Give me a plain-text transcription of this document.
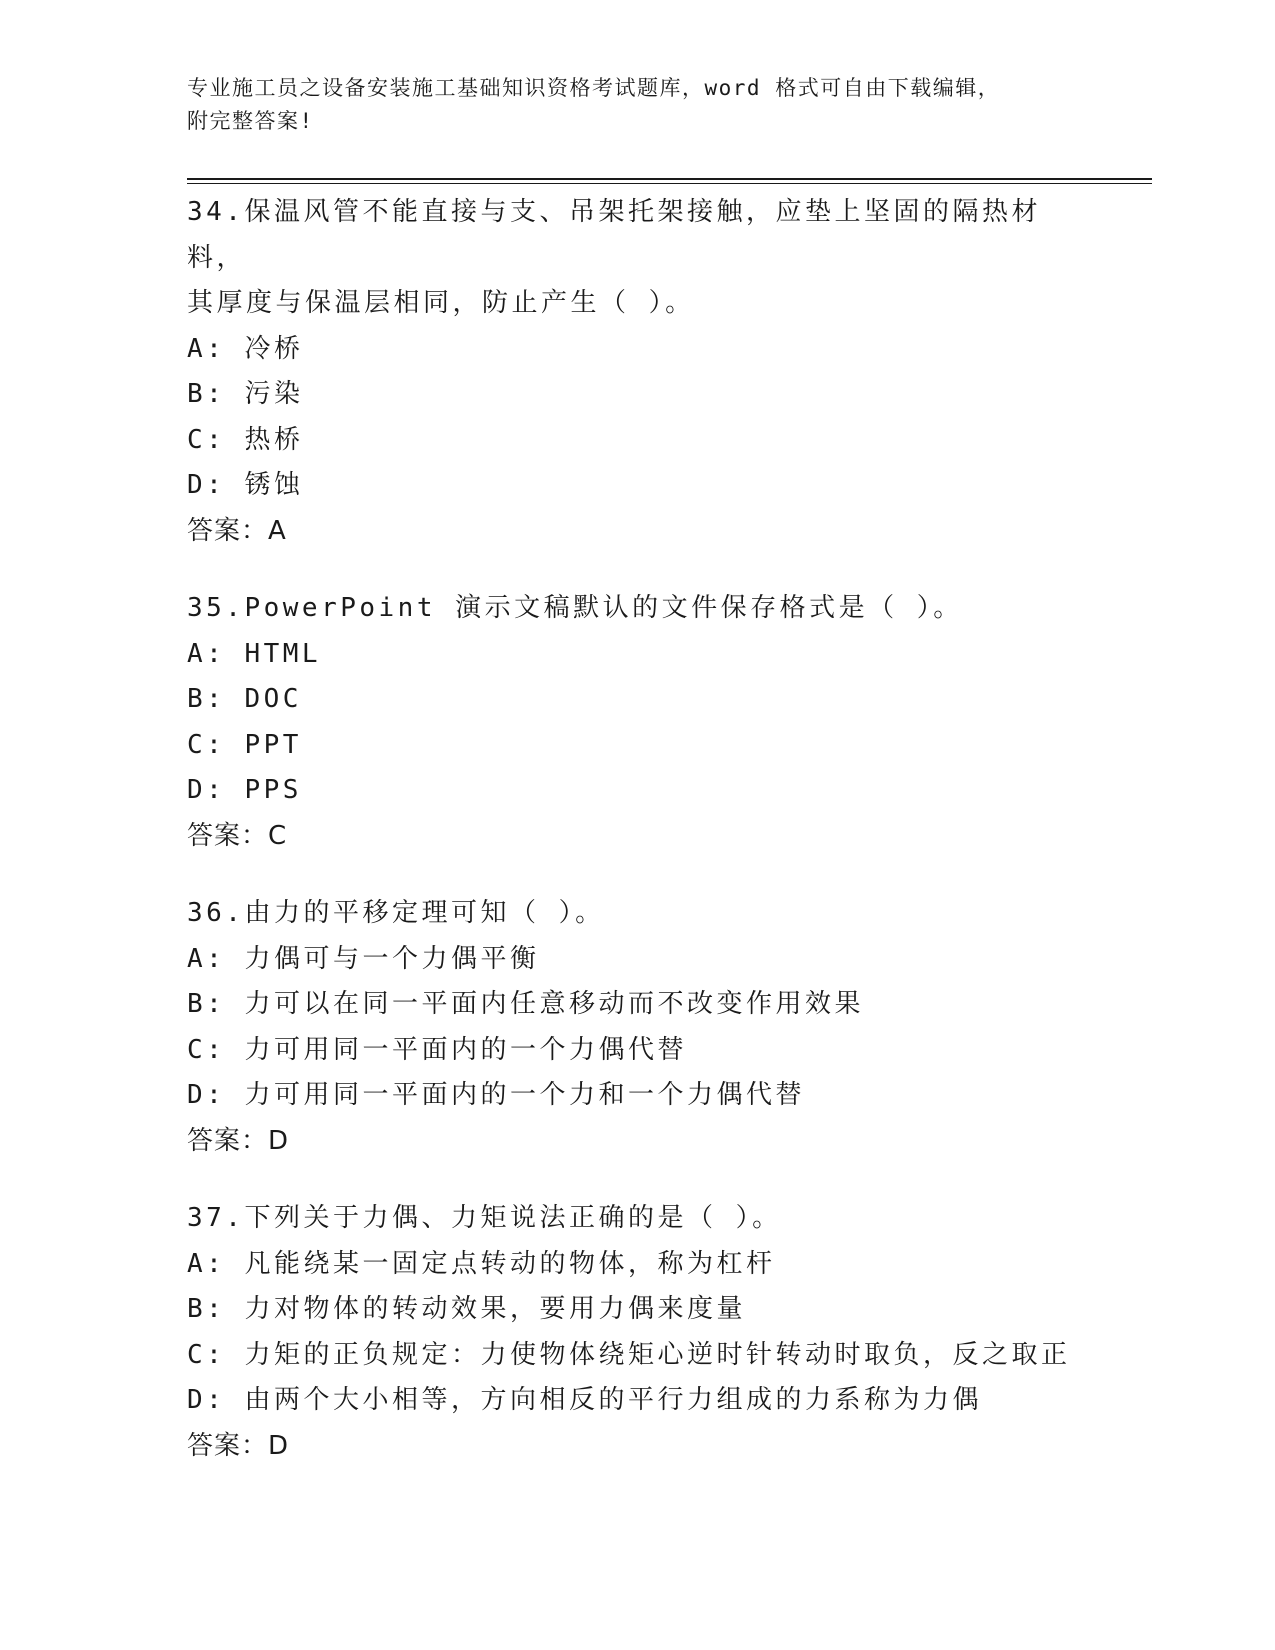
专业施工员之设备安装施工基础知识资格考试题库，word 格式可自由下载编辑，
附完整答案!
34.保温风管不能直接与支、吊架托架接触，应垫上坚固的隔热材料，
其厚度与保温层相同，防止产生（ ）。
A: 冷桥
B: 污染
C: 热桥
D: 锈蚀
答案：A
35.PowerPoint 演示文稿默认的文件保存格式是（ ）。
A: HTML
B: DOC
C: PPT
D: PPS
答案：C
36.由力的平移定理可知（ ）。
A: 力偶可与一个力偶平衡
B: 力可以在同一平面内任意移动而不改变作用效果
C: 力可用同一平面内的一个力偶代替
D: 力可用同一平面内的一个力和一个力偶代替
答案：D
37.下列关于力偶、力矩说法正确的是（ ）。
A: 凡能绕某一固定点转动的物体，称为杠杆
B: 力对物体的转动效果，要用力偶来度量
C: 力矩的正负规定：力使物体绕矩心逆时针转动时取负，反之取正
D: 由两个大小相等，方向相反的平行力组成的力系称为力偶
答案：D
